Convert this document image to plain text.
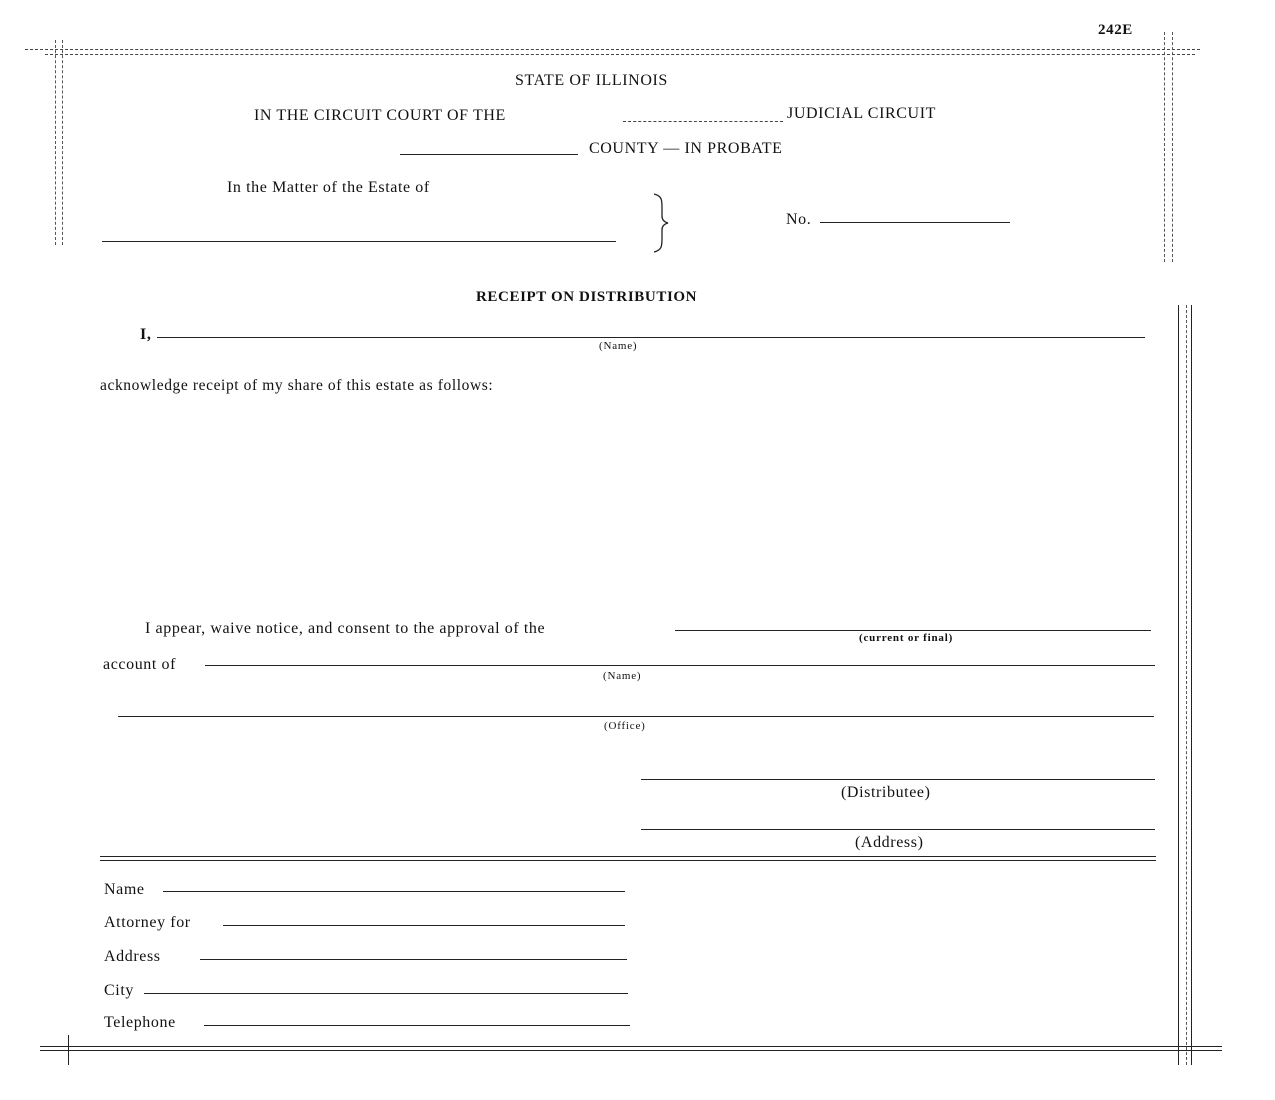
242E
STATE OF ILLINOIS
IN THE CIRCUIT COURT OF THE	JUDICIAL CIRCUIT
COUNTY — IN PROBATE
In the Matter of the Estate of
No.
RECEIPT ON DISTRIBUTION
I,
(Name)
acknowledge receipt of my share of this estate as follows:
I appear, waive notice, and consent to the approval of the
(current or final)
account of
(Name)
(Office)
(Distributee)
(Address)
Name
Attorney for
Address
City
Telephone
